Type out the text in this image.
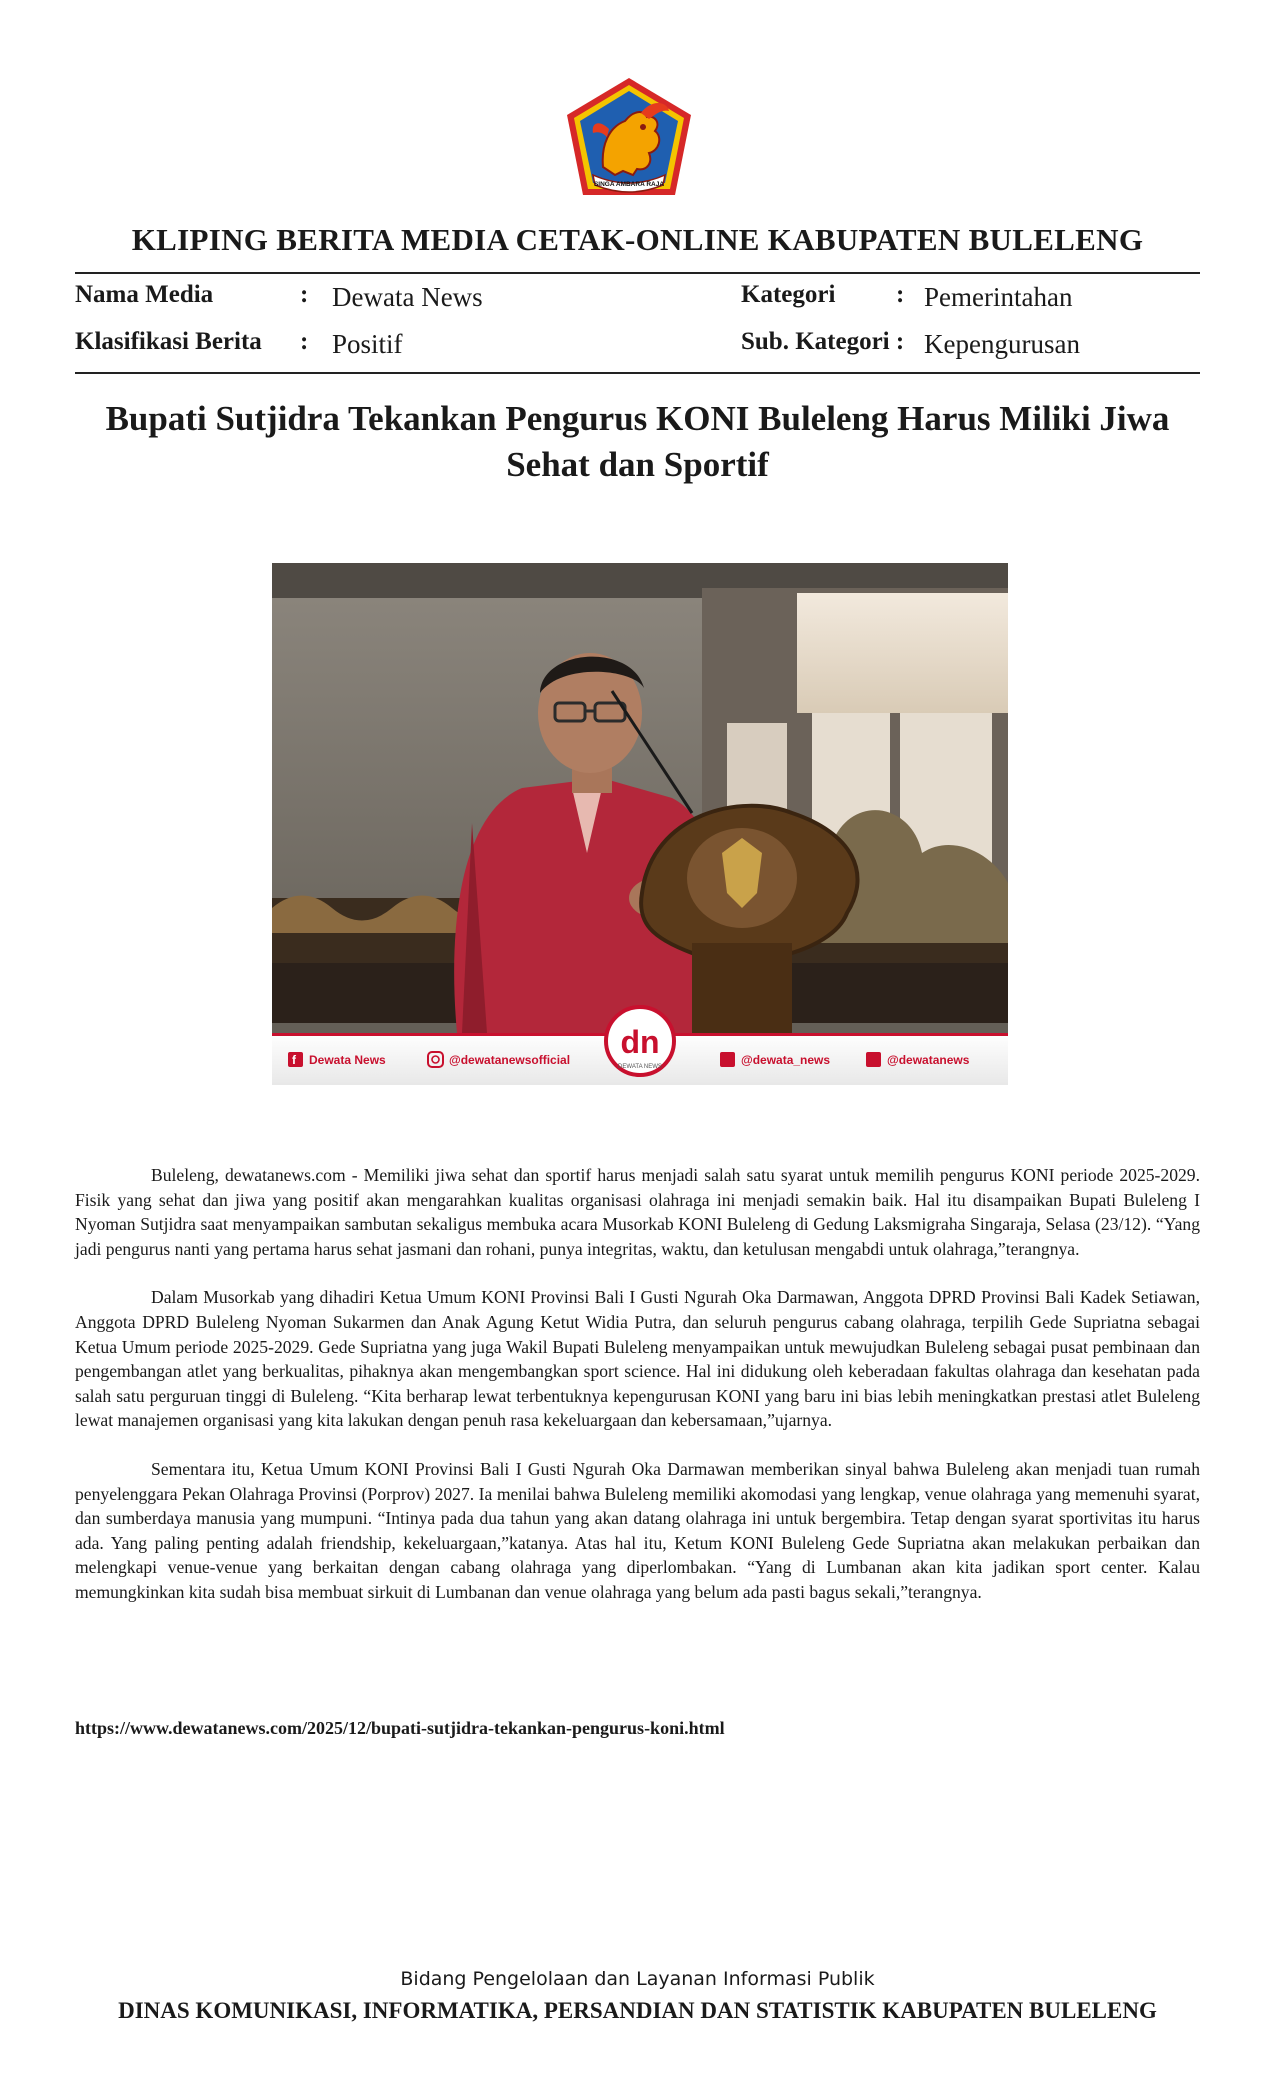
SINGA AMBARA RAJA
KLIPING BERITA MEDIA CETAK-ONLINE KABUPATEN BULELENG
Nama Media	: Dewata News
Klasifikasi Berita : Positif
Kategori : Pemerintahan
Sub. Kategori : Kepengurusan
Bupati Sutjidra Tekankan Pengurus KONI Buleleng Harus Miliki Jiwa Sehat dan Sportif
dn
DEWATA NEWS
f Dewata News	@dewatanewsofficial	@dewata_news	@dewatanews

Buleleng, dewatanews.com - Memiliki jiwa sehat dan sportif harus menjadi salah satu syarat untuk memilih pengurus KONI periode 2025-2029. Fisik yang sehat dan jiwa yang positif akan mengarahkan kualitas organisasi olahraga ini menjadi semakin baik. Hal itu disampaikan Bupati Buleleng I Nyoman Sutjidra saat menyampaikan sambutan sekaligus membuka acara Musorkab KONI Buleleng di Gedung Laksmigraha Singaraja, Selasa (23/12). “Yang jadi pengurus nanti yang pertama harus sehat jasmani dan rohani, punya integritas, waktu, dan ketulusan mengabdi untuk olahraga,”terangnya.

Dalam Musorkab yang dihadiri Ketua Umum KONI Provinsi Bali I Gusti Ngurah Oka Darmawan, Anggota DPRD Provinsi Bali Kadek Setiawan, Anggota DPRD Buleleng Nyoman Sukarmen dan Anak Agung Ketut Widia Putra, dan seluruh pengurus cabang olahraga, terpilih Gede Supriatna sebagai Ketua Umum periode 2025-2029. Gede Supriatna yang juga Wakil Bupati Buleleng menyampaikan untuk mewujudkan Buleleng sebagai pusat pembinaan dan pengembangan atlet yang berkualitas, pihaknya akan mengembangkan sport science. Hal ini didukung oleh keberadaan fakultas olahraga dan kesehatan pada salah satu perguruan tinggi di Buleleng. “Kita berharap lewat terbentuknya kepengurusan KONI yang baru ini bias lebih meningkatkan prestasi atlet Buleleng lewat manajemen organisasi yang kita lakukan dengan penuh rasa kekeluargaan dan kebersamaan,”ujarnya.

Sementara itu, Ketua Umum KONI Provinsi Bali I Gusti Ngurah Oka Darmawan memberikan sinyal bahwa Buleleng akan menjadi tuan rumah penyelenggara Pekan Olahraga Provinsi (Porprov) 2027. Ia menilai bahwa Buleleng memiliki akomodasi yang lengkap, venue olahraga yang memenuhi syarat, dan sumberdaya manusia yang mumpuni. “Intinya pada dua tahun yang akan datang olahraga ini untuk bergembira. Tetap dengan syarat sportivitas itu harus ada. Yang paling penting adalah friendship, kekeluargaan,”katanya. Atas hal itu, Ketum KONI Buleleng Gede Supriatna akan melakukan perbaikan dan melengkapi venue-venue yang berkaitan dengan cabang olahraga yang diperlombakan. “Yang di Lumbanan akan kita jadikan sport center. Kalau memungkinkan kita sudah bisa membuat sirkuit di Lumbanan dan venue olahraga yang belum ada pasti bagus sekali,”terangnya.

https://www.dewatanews.com/2025/12/bupati-sutjidra-tekankan-pengurus-koni.html
Bidang Pengelolaan dan Layanan Informasi Publik
DINAS KOMUNIKASI, INFORMATIKA, PERSANDIAN DAN STATISTIK KABUPATEN BULELENG
